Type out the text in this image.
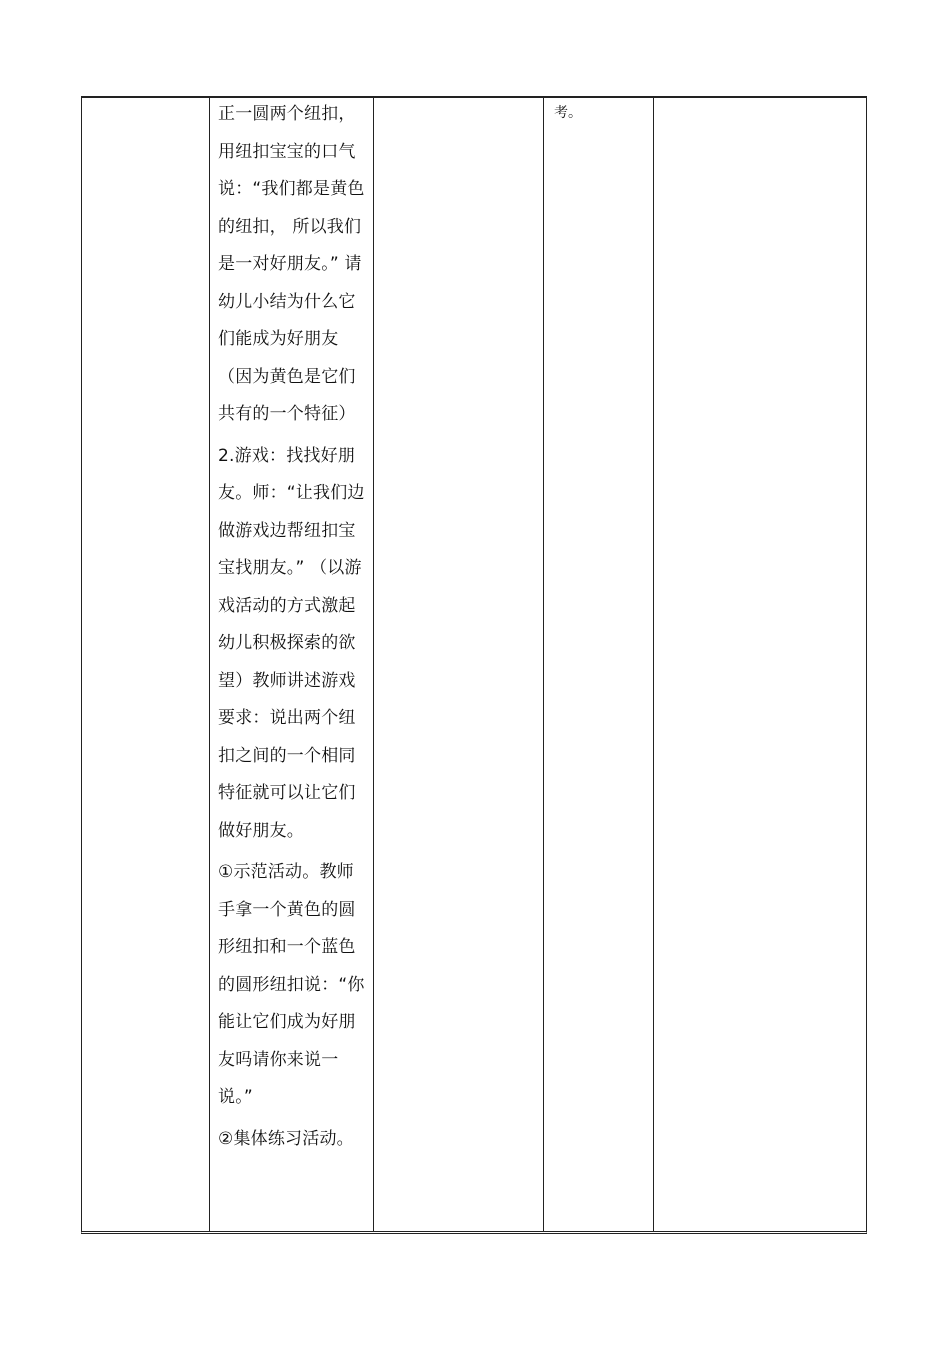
正一圆两个纽扣，用纽扣宝宝的口气说：“我们都是黄色的纽扣， 所以我们是一对好朋友。” 请幼儿小结为什么它们能成为好朋友（因为黄色是它们共有的一个特征）

2.游戏：找找好朋友。师：“让我们边做游戏边帮纽扣宝宝找朋友。” （以游戏活动的方式激起幼儿积极探索的欲望）教师讲述游戏要求：说出两个纽扣之间的一个相同特征就可以让它们做好朋友。

①示范活动。教师手拿一个黄色的圆形纽扣和一个蓝色的圆形纽扣说：“你能让它们成为好朋友吗请你来说一说。”

②集体练习活动。

考。
